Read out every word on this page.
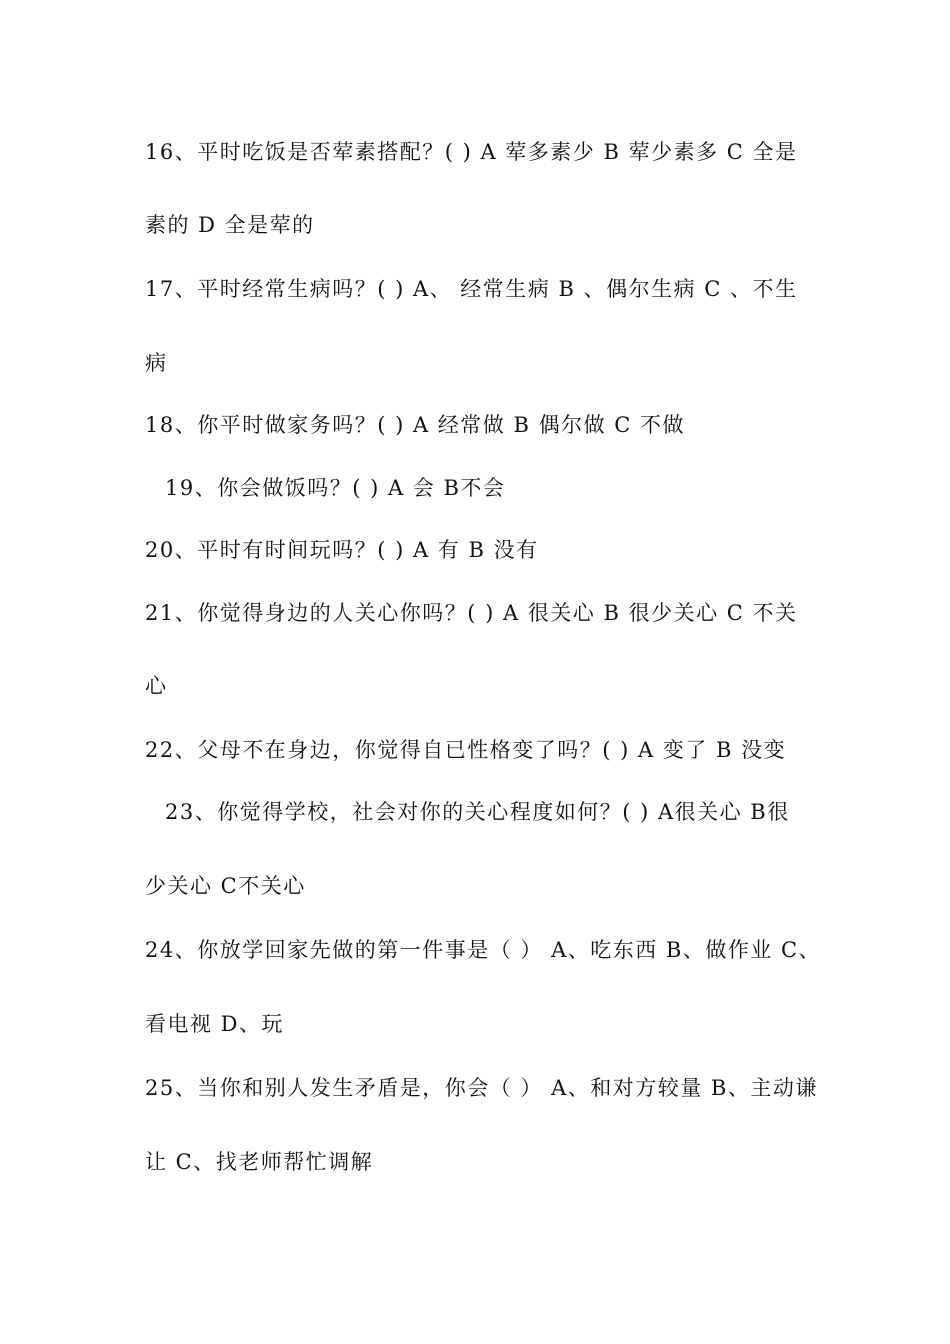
16、平时吃饭是否荤素搭配？( ) A 荤多素少 B 荤少素多 C 全是
素的 D 全是荤的
17、平时经常生病吗？( ) A、 经常生病 B 、偶尔生病 C 、不生
病
18、你平时做家务吗？( ) A 经常做 B 偶尔做 C 不做
19、你会做饭吗？( ) A 会 B不会
20、平时有时间玩吗？( ) A 有 B 没有
21、你觉得身边的人关心你吗？( ) A 很关心 B 很少关心 C 不关
心
22、父母不在身边，你觉得自已性格变了吗？( ) A 变了 B 没变
23、你觉得学校，社会对你的关心程度如何？( ) A很关心 B很
少关心 C不关心
24、你放学回家先做的第一件事是（ ） A、吃东西 B、做作业 C、
看电视 D、玩
25、当你和别人发生矛盾是，你会（ ） A、和对方较量 B、主动谦
让 C、找老师帮忙调解
